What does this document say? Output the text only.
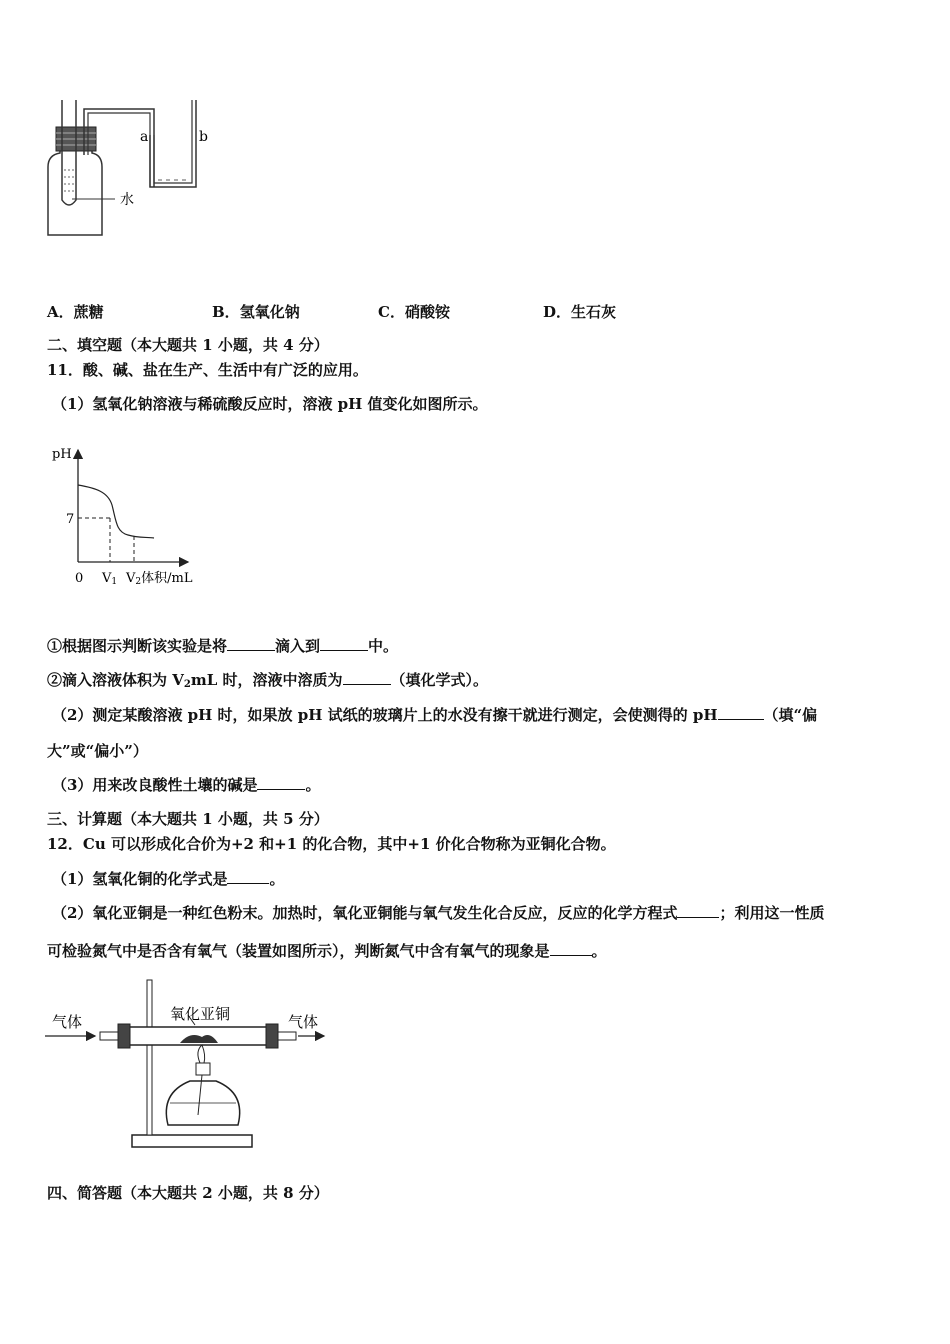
a	b
水
A．蔗糖	B．氢氧化钠	C．硝酸铵	D．生石灰
二、填空题（本大题共 1 小题，共 4 分）
11．酸、碱、盐在生产、生活中有广泛的应用。
（1）氢氧化钠溶液与稀硫酸反应时，溶液 pH 值变化如图所示。
pH
7
0 V1 V2体积/mL
①根据图示判断该实验是将	滴入到	中。
②滴入溶液体积为 $V_2mL$ 时，溶液中溶质为	（填化学式）。
（2）测定某酸溶液 pH 时，如果放 pH 试纸的玻璃片上的水没有擦干就进行测定，会使测得的 pH	（填“偏
大”或“偏小”）
（3）用来改良酸性土壤的碱是	。
三、计算题（本大题共 1 小题，共 5 分）
12．Cu 可以形成化合价为+2 和+1 的化合物，其中+1 价化合物称为亚铜化合物。
（1）氢氧化铜的化学式是	。
（2）氧化亚铜是一种红色粉末。加热时，氧化亚铜能与氧气发生化合反应，反应的化学方程式	；利用这一性质
可检验氮气中是否含有氧气（装置如图所示），判断氮气中含有氧气的现象是	。
氧化亚铜
气体	气体
四、简答题（本大题共 2 小题，共 8 分）
